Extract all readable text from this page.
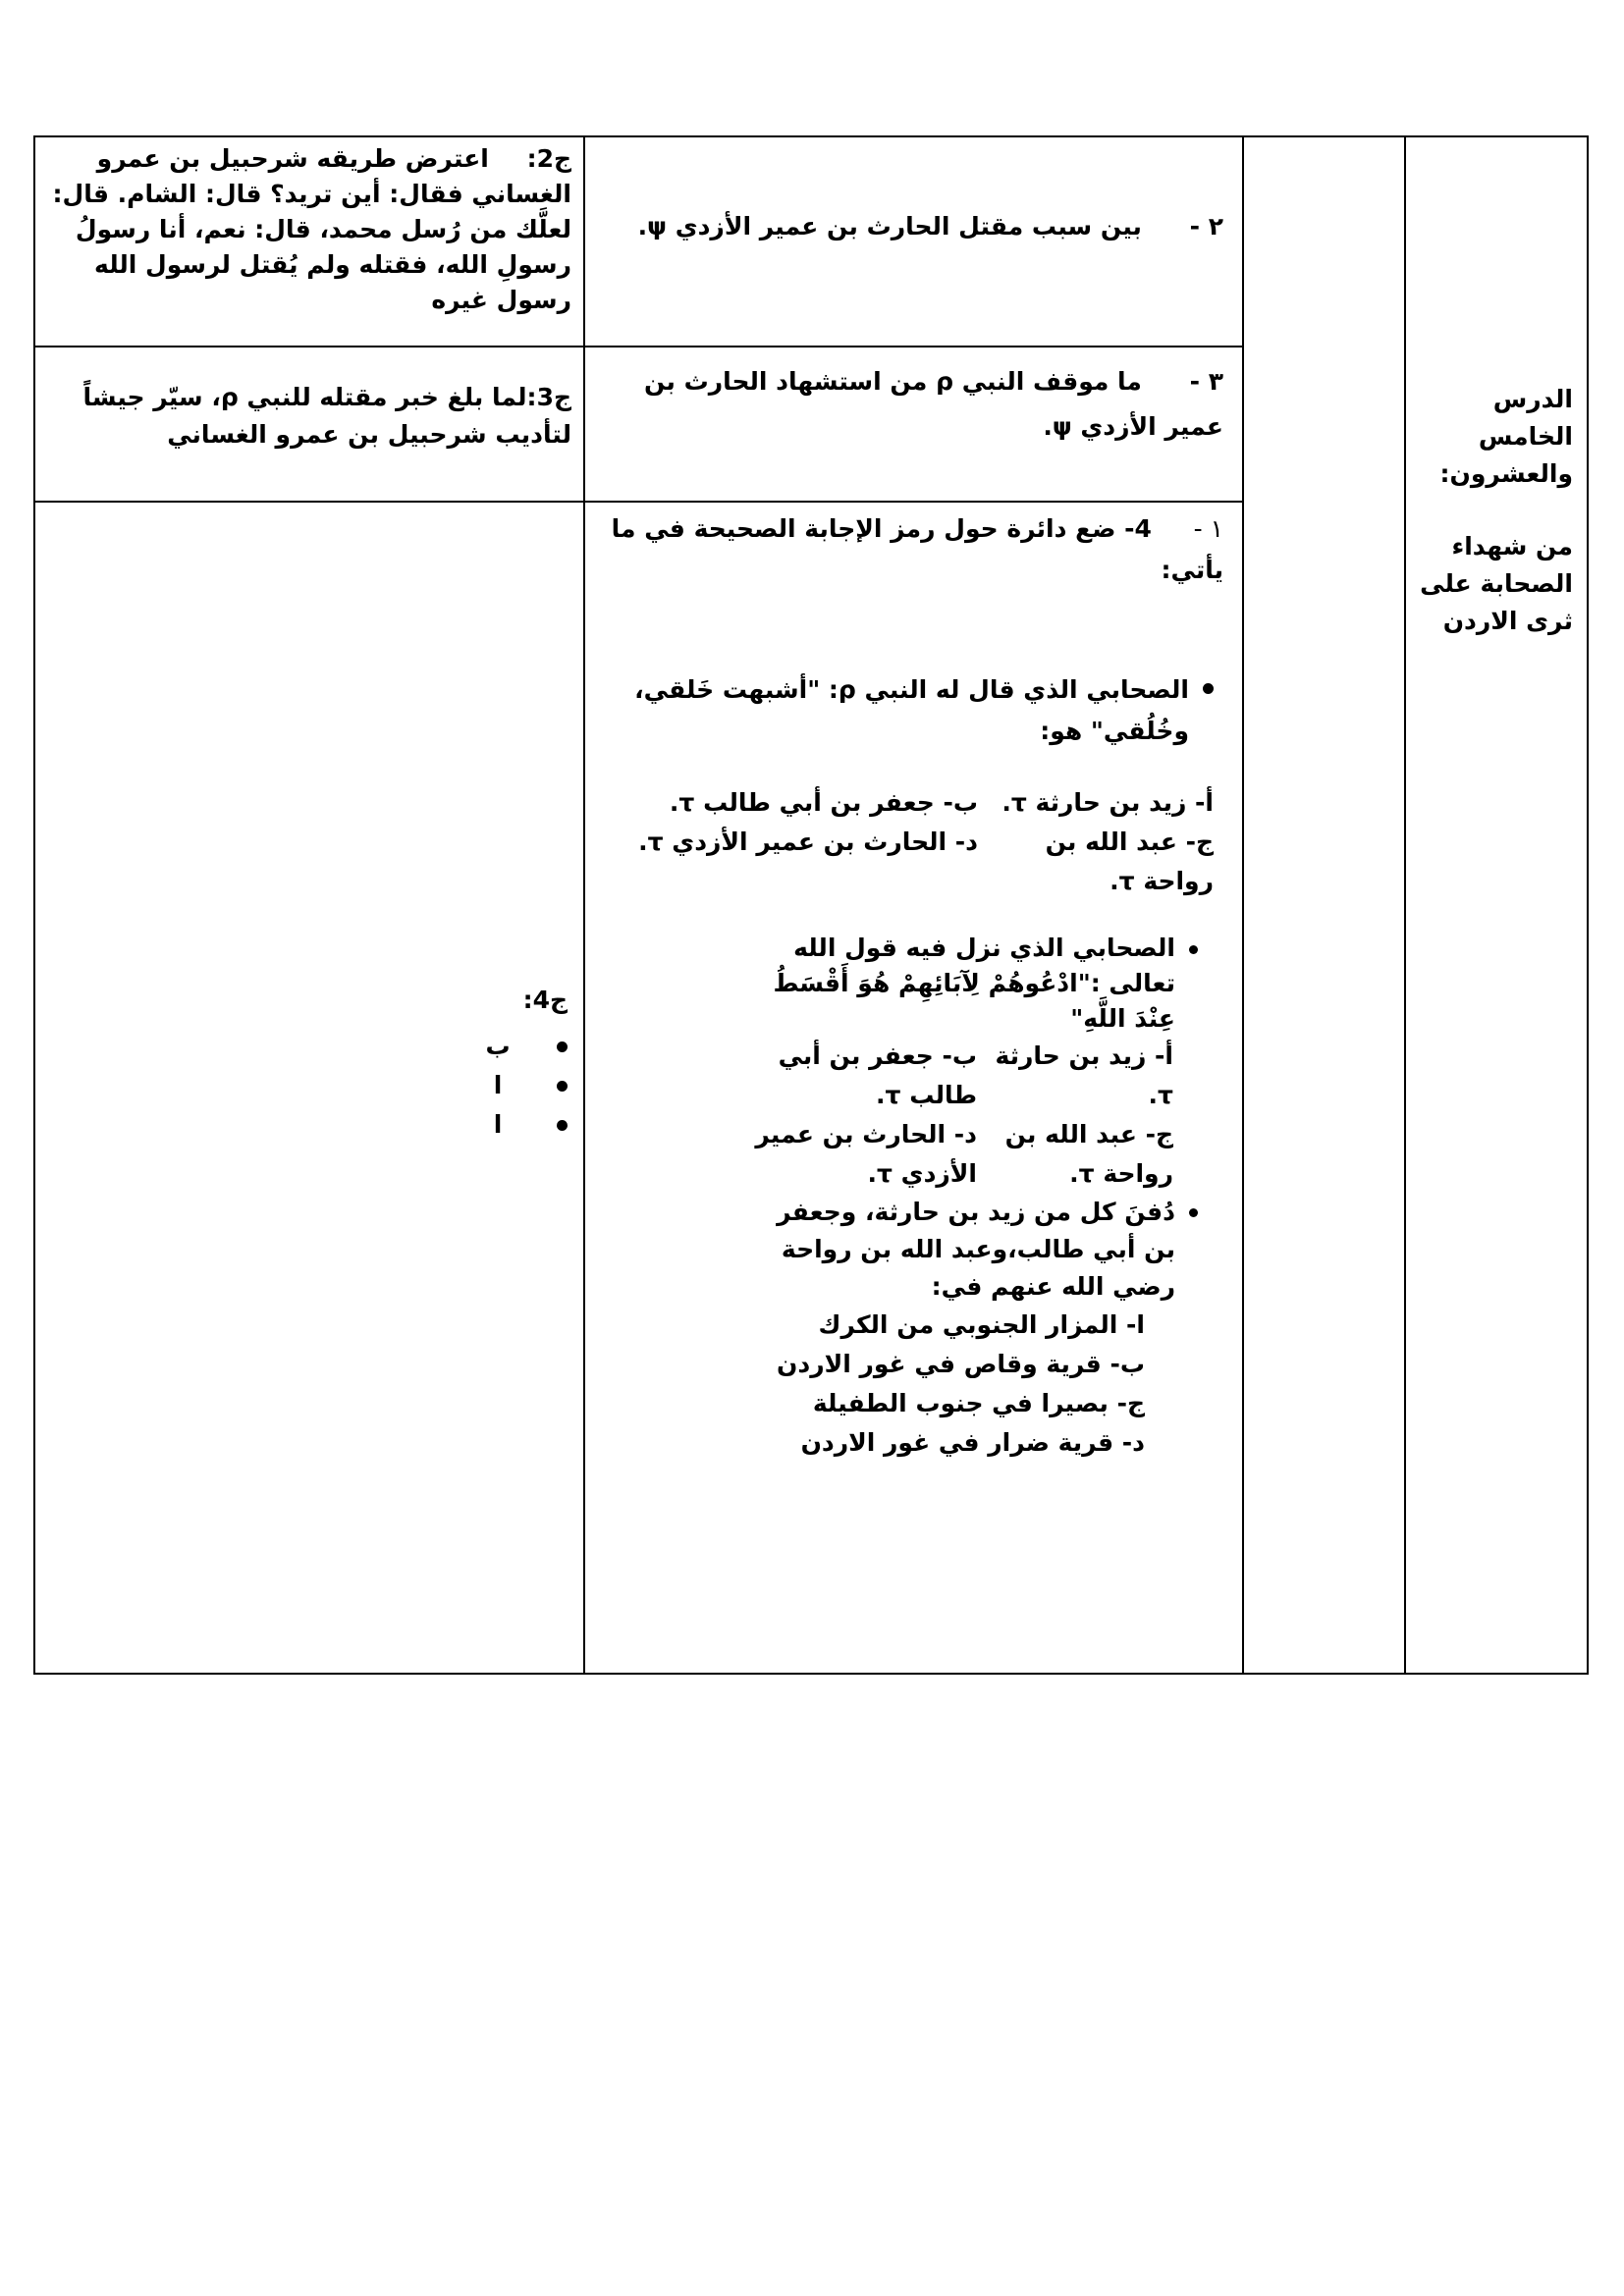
الدرس

الخامس

والعشرون:

من شهداء

الصحابة على

ثرى الاردن

٢ - بين سبب مقتل الحارث بن عمير الأزدي ψ.
ج2: اعترض طريقه شرحبيل بن عمرو الغساني فقال: أين تريد؟ قال: الشام. قال: لعلَّك من رُسل محمد، قال: نعم، أنا رسولُ رسولِ الله، فقتله ولم يُقتل لرسول الله رسول غيره
٣ - ما موقف النبي ρ من استشهاد الحارث بن عمير الأزدي ψ.
ج3:لما بلغ خبر مقتله للنبي ρ، سيّر جيشاً لتأديب شرحبيل بن عمرو الغساني
١ - 4- ضع دائرة حول رمز الإجابة الصحيحة في ما يأتي:
الصحابي الذي قال له النبي ρ: "أشبهت خَلقي، وخُلُقي" هو:
أ- زيد بن حارثة τ.
ب- جعفر بن أبي طالب τ.
ج- عبد الله بن رواحة τ.
د- الحارث بن عمير الأزدي τ.
الصحابي الذي نزل فيه قول الله تعالى :"ادْعُوهُمْ لِآبَائِهِمْ هُوَ أَقْسَطُ عِنْدَ اللَّهِ"
أ- زيد بن حارثة τ.
ب- جعفر بن أبي طالب τ.
ج- عبد الله بن رواحة τ.
د- الحارث بن عمير الأزدي τ.
دُفنَ كل من زيد بن حارثة، وجعفر بن أبي طالب،وعبد الله بن رواحة رضي الله عنهم في:

ا- المزار الجنوبي من الكرك

ب- قرية وقاص في غور الاردن

ج- بصيرا في جنوب الطفيلة

د- قرية ضرار في غور الاردن

ج4:

ب
ا
ا
